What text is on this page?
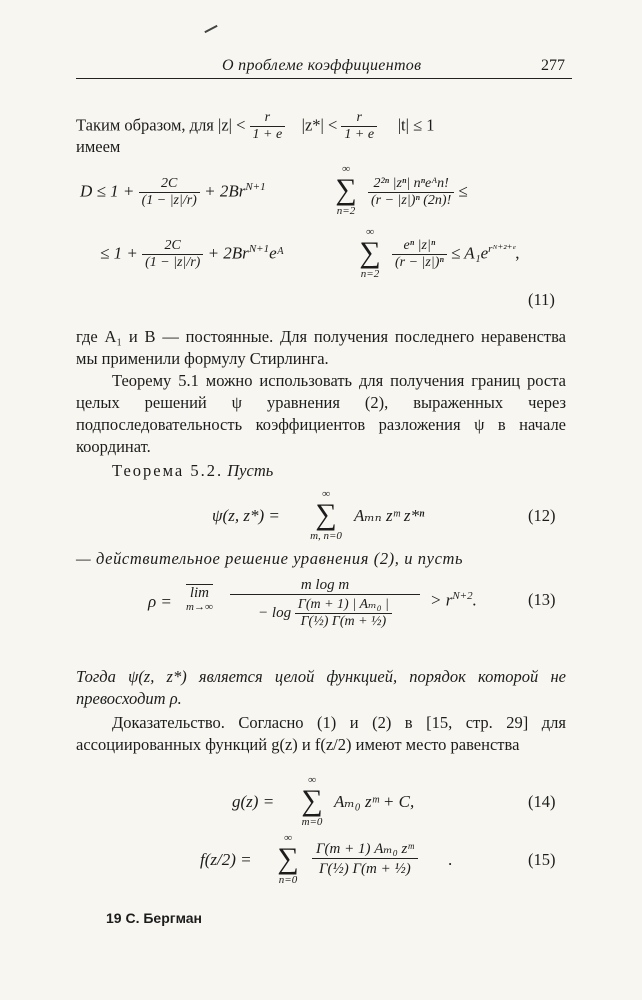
О проблеме коэффициентов	277
Таким образом, для $|z| < \frac{r}{1 + e} |z*| < \frac{r}{1 + e} |t| \le 1$
имеем
$D \le 1 + \frac{2C}{(1 - |z|/r)} + 2Br^{N+1}$
∞
∑
n=2
2²ⁿ |zⁿ| nⁿeᴬn!
(r − |z|)ⁿ (2n)!
≤
≤ $1 + \frac{2C}{(1 - |z|/r)}$ + $2Br^{N+1}eᴬ$
∞
∑
n=2
$\frac{\text{eⁿ |z|ⁿ}}{\text{(r − |z|)ⁿ}} \le A_1e^{rᴺ^{+2+}ᵉ}$,
(11)
где A₁ и B — постоянные. Для получения последнего неравенства мы применили формулу Стирлинга.
Теорему 5.1 можно использовать для получения границ роста целых решений ψ уравнения (2), выраженных через подпоследовательность коэффициентов разложения ψ в начале координат.
Теорема 5.2. Пусть
ψ(z, z*) =
∞
∑
m, n=0
Aₘₙ zᵐ z*ⁿ	(12)
— действительное решение уравнения (2), и пусть
ρ = lim
m→∞
m log m
− $\log \frac{\text{Γ(m + 1) | Aₘ₀ |}}{\text{Γ(½) Γ(m + ½)}} > r^{N+2}$.	(13)
Тогда ψ(z, z*) является целой функцией, порядок которой не превосходит ρ.
Доказательство. Согласно (1) и (2) в [15, стр. 29] для ассоциированных функций g(z) и f(z/2) имеют место равенства
g(z) =
∞
∑
m=0
Aₘ₀ zᵐ + C,	(14)
f(z/2) =
∞
∑
n=0
Γ(m + 1) Aₘ₀ zᵐ
Γ(½) Γ(m + ½)	.	(15)
19 С. Бергман
